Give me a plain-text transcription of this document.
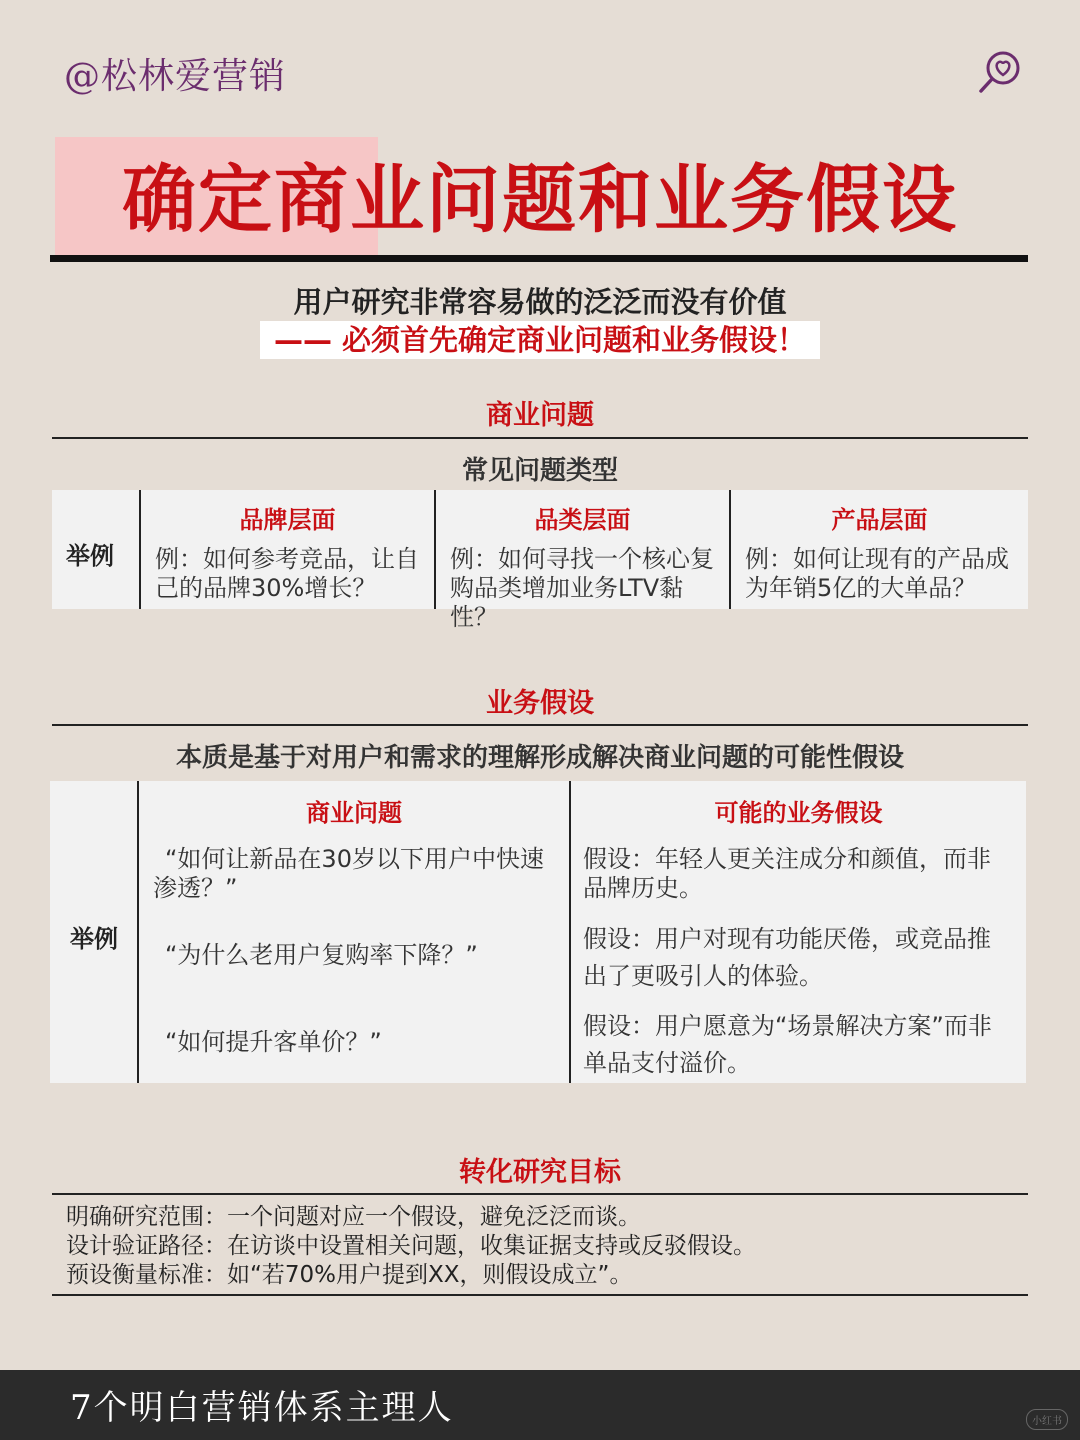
@松林爱营销
确定商业问题和业务假设
用户研究非常容易做的泛泛而没有价值
—— 必须首先确定商业问题和业务假设！
商业问题
常见问题类型
举例
品牌层面
例：如何参考竞品，让自己的品牌30%增长？
品类层面
例：如何寻找一个核心复购品类增加业务LTV黏性？
产品层面
例：如何让现有的产品成为年销5亿的大单品？
业务假设
本质是基于对用户和需求的理解形成解决商业问题的可能性假设
举例
商业问题
“如何让新品在30岁以下用户中快速渗透？”
“为什么老用户复购率下降？”
“如何提升客单价？”
可能的业务假设
假设：年轻人更关注成分和颜值，而非品牌历史。
假设：用户对现有功能厌倦，或竞品推出了更吸引人的体验。
假设：用户愿意为“场景解决方案”而非单品支付溢价。
转化研究目标
明确研究范围：一个问题对应一个假设，避免泛泛而谈。
设计验证路径：在访谈中设置相关问题，收集证据支持或反驳假设。
预设衡量标准：如“若70%用户提到XX，则假设成立”。
7个明白营销体系主理人	小红书
